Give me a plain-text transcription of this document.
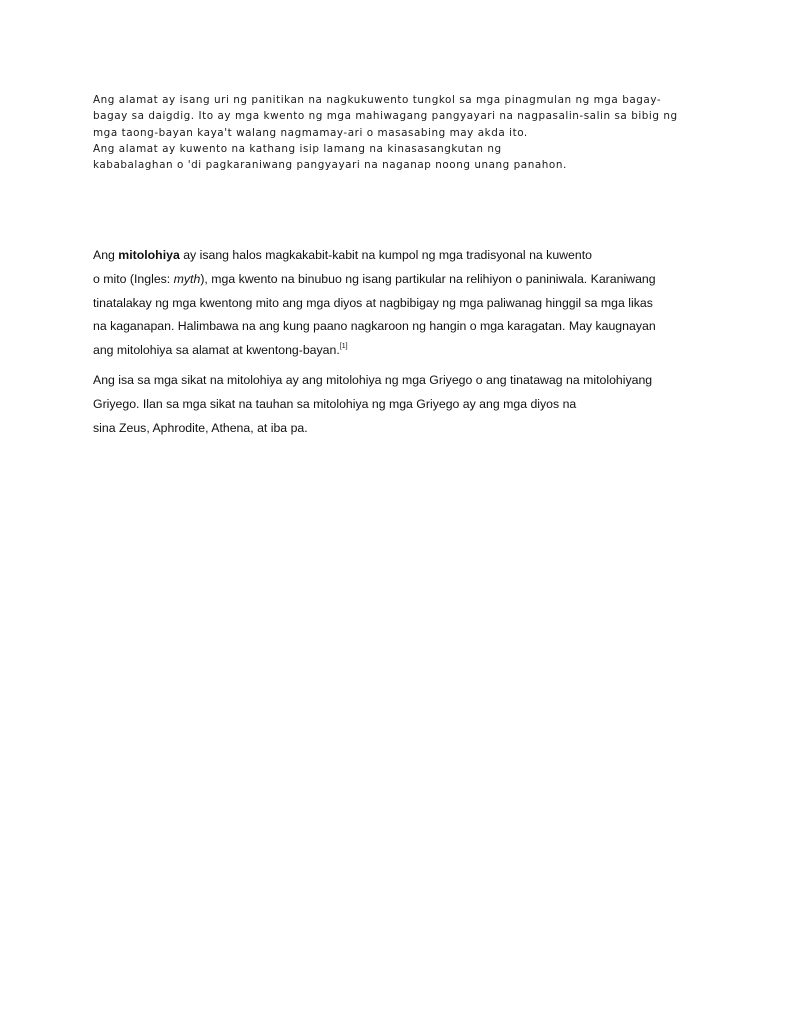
Ang alamat ay isang uri ng panitikan na nagkukuwento tungkol sa mga pinagmulan ng mga bagay-
bagay sa daigdig. Ito ay mga kwento ng mga mahiwagang pangyayari na nagpasalin-salin sa bibig ng
mga taong-bayan kaya't walang nagmamay-ari o masasabing may akda ito.
Ang alamat ay kuwento na kathang isip lamang na kinasasangkutan ng
kababalaghan o 'di pagkaraniwang pangyayari na naganap noong unang panahon.
Ang mitolohiya ay isang halos magkakabit-kabit na kumpol ng mga tradisyonal na kuwento
o mito (Ingles: myth), mga kwento na binubuo ng isang partikular na relihiyon o paniniwala. Karaniwang
tinatalakay ng mga kwentong mito ang mga diyos at nagbibigay ng mga paliwanag hinggil sa mga likas
na kaganapan. Halimbawa na ang kung paano nagkaroon ng hangin o mga karagatan. May kaugnayan
ang mitolohiya sa alamat at kwentong-bayan.[1]
Ang isa sa mga sikat na mitolohiya ay ang mitolohiya ng mga Griyego o ang tinatawag na mitolohiyang
Griyego. Ilan sa mga sikat na tauhan sa mitolohiya ng mga Griyego ay ang mga diyos na
sina Zeus, Aphrodite, Athena, at iba pa.
